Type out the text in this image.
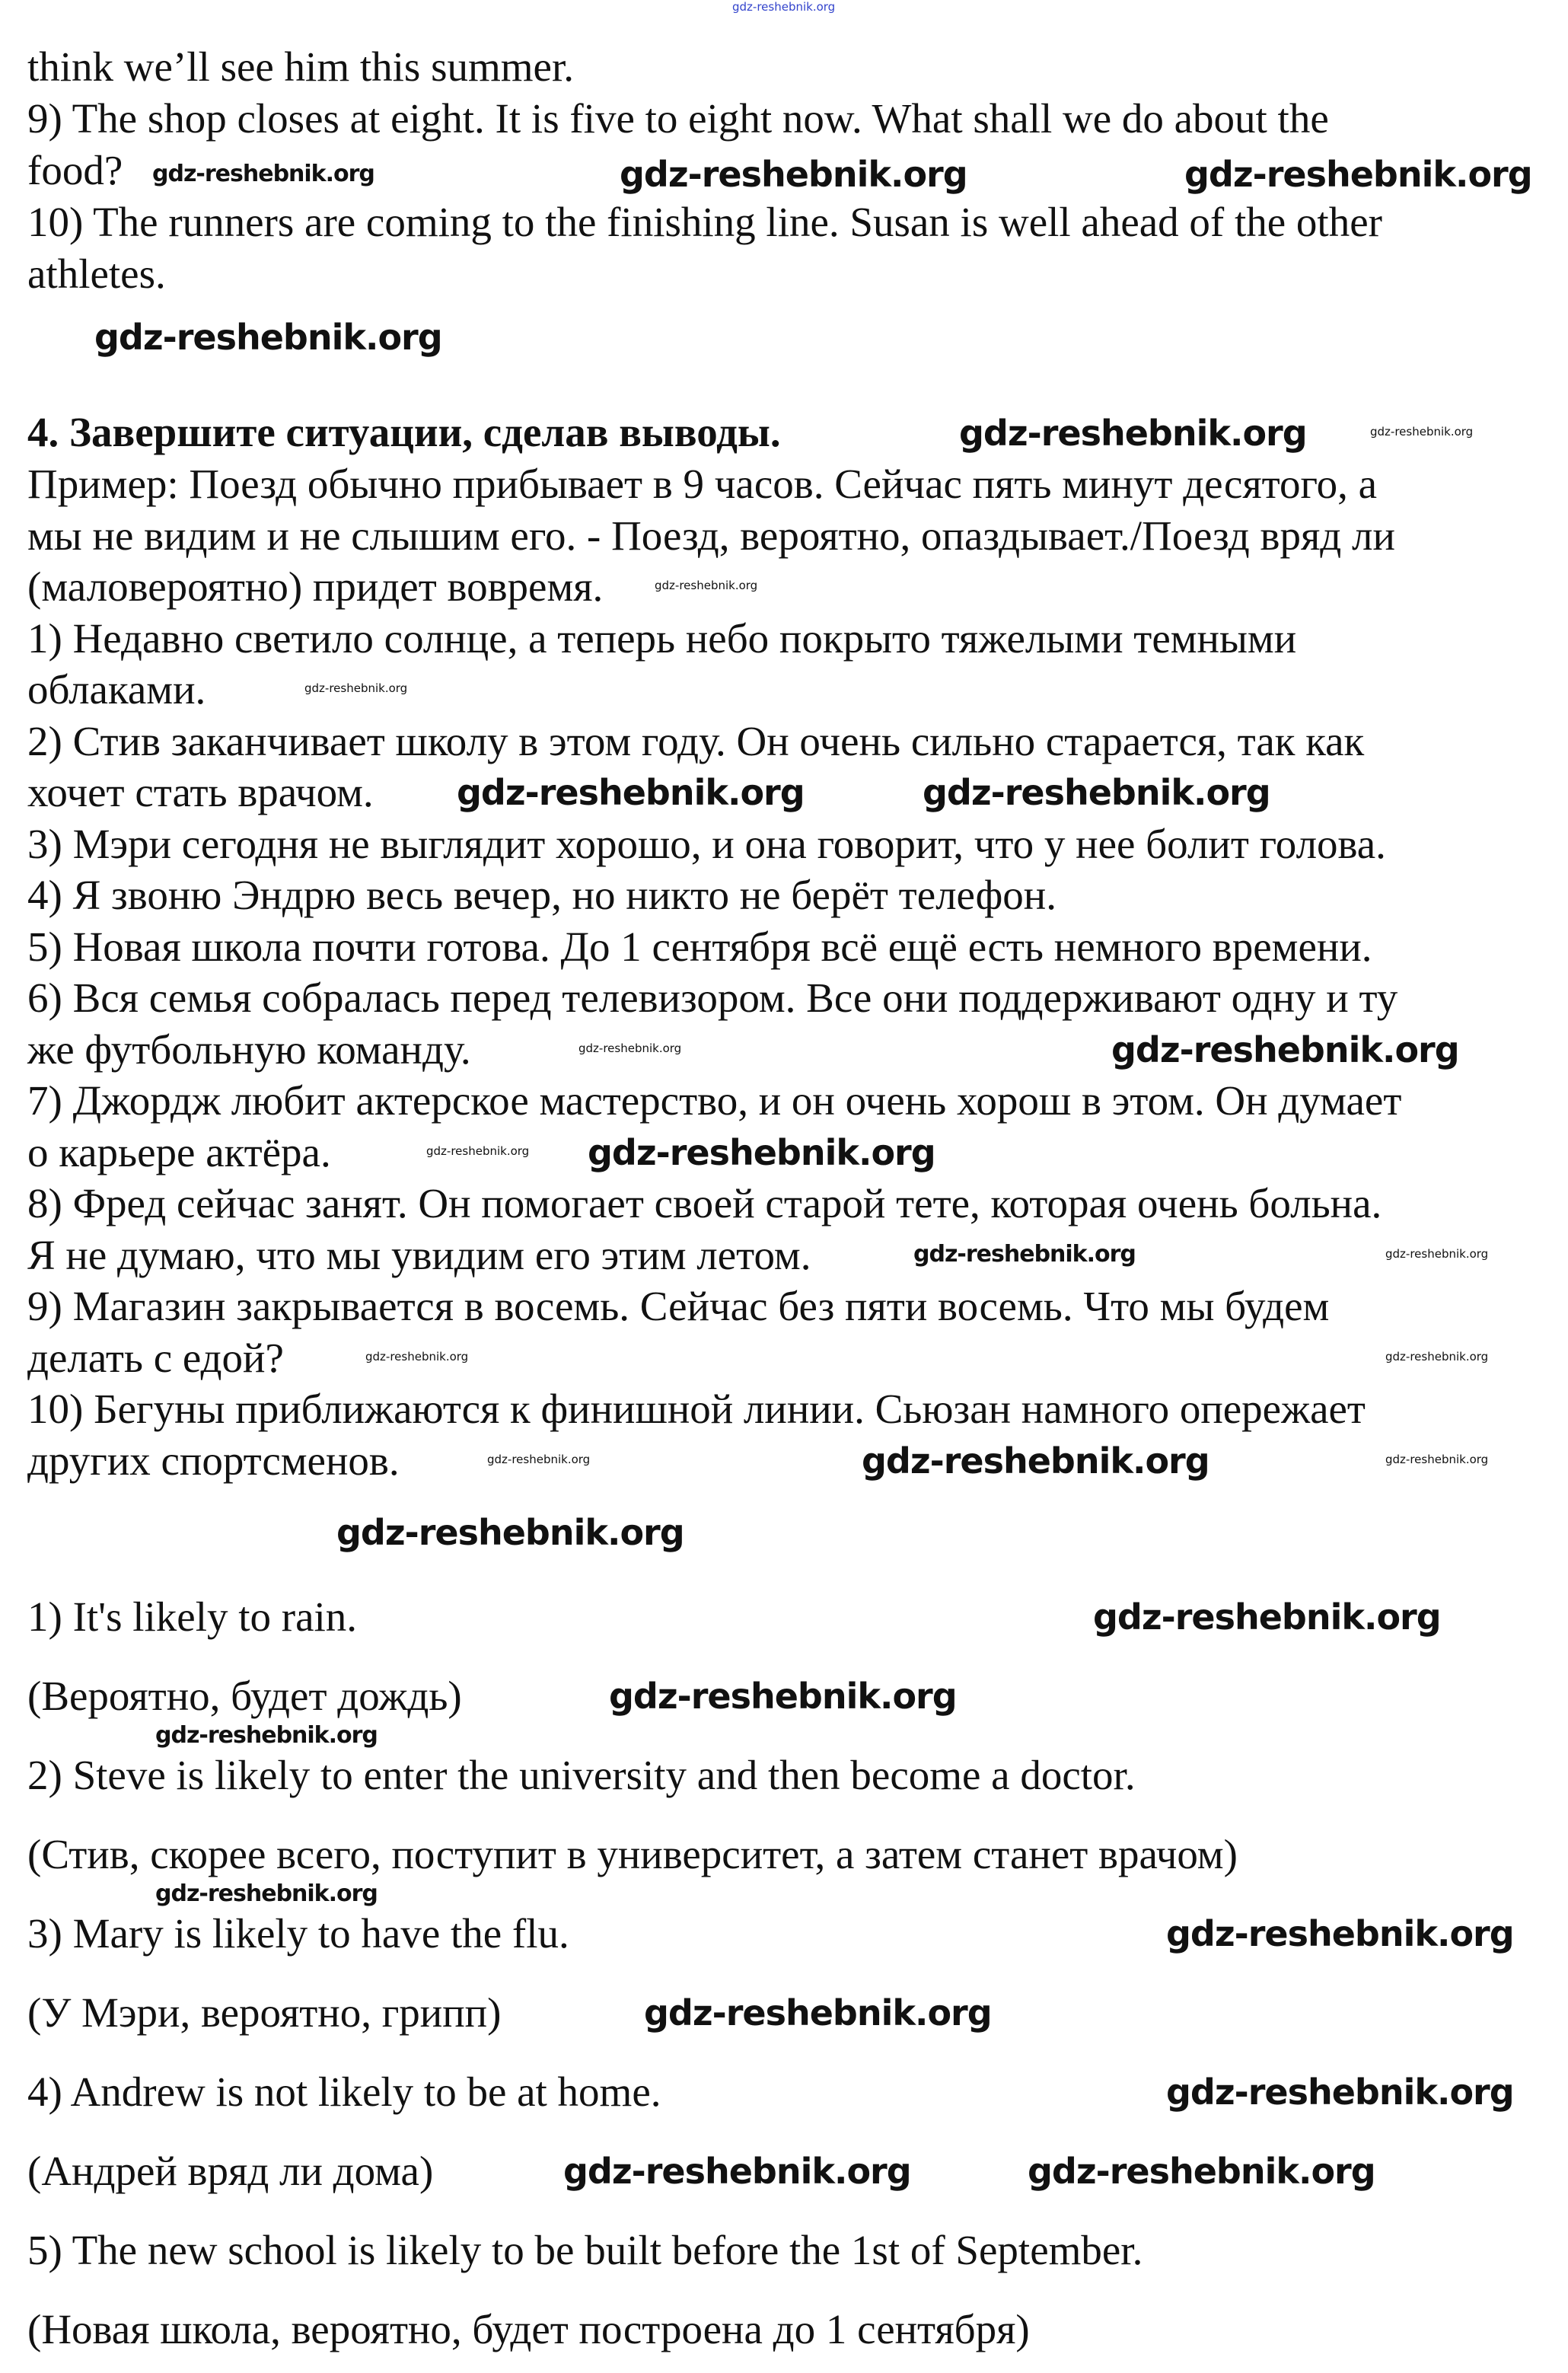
think we’ll see him this summer.
9) The shop closes at eight. It is five to eight now. What shall we do about the
food?
10) The runners are coming to the finishing line. Susan is well ahead of the other
athletes.
4. Завершите ситуации, сделав выводы.
Пример: Поезд обычно прибывает в 9 часов. Сейчас пять минут десятого, а
мы не видим и не слышим его. - Поезд, вероятно, опаздывает./Поезд вряд ли
(маловероятно) придет вовремя.
1) Недавно светило солнце, а теперь небо покрыто тяжелыми темными
облаками.
2) Стив заканчивает школу в этом году. Он очень сильно старается, так как
хочет стать врачом.
3) Мэри сегодня не выглядит хорошо, и она говорит, что у нее болит голова.
4) Я звоню Эндрю весь вечер, но никто не берёт телефон.
5) Новая школа почти готова. До 1 сентября всё ещё есть немного времени.
6) Вся семья собралась перед телевизором. Все они поддерживают одну и ту
же футбольную команду.
7) Джордж любит актерское мастерство, и он очень хорош в этом. Он думает
о карьере актёра.
8) Фред сейчас занят. Он помогает своей старой тете, которая очень больна.
Я не думаю, что мы увидим его этим летом.
9) Магазин закрывается в восемь. Сейчас без пяти восемь. Что мы будем
делать с едой?
10) Бегуны приближаются к финишной линии. Сьюзан намного опережает
других спортсменов.
1) It's likely to rain.
(Вероятно, будет дождь)
2) Steve is likely to enter the university and then become a doctor.
(Стив, скорее всего, поступит в университет, а затем станет врачом)
3) Mary is likely to have the flu.
(У Мэри, вероятно, грипп)
4) Andrew is not likely to be at home.
(Андрей вряд ли дома)
5) The new school is likely to be built before the 1st of September.
(Новая школа, вероятно, будет построена до 1 сентября)
gdz-reshebnik.org
gdz-reshebnik.org	gdz-reshebnik.org
gdz-reshebnik.org
gdz-reshebnik.org
gdz-reshebnik.org	gdz-reshebnik.org
gdz-reshebnik.org
gdz-reshebnik.org
gdz-reshebnik.org	gdz-reshebnik.org
gdz-reshebnik.org	gdz-reshebnik.org
gdz-reshebnik.org gdz-reshebnik.org
gdz-reshebnik.org	gdz-reshebnik.org
gdz-reshebnik.org	gdz-reshebnik.org
gdz-reshebnik.org	gdz-reshebnik.org	gdz-reshebnik.org
gdz-reshebnik.org
gdz-reshebnik.org
gdz-reshebnik.org
gdz-reshebnik.org
gdz-reshebnik.org
gdz-reshebnik.org
gdz-reshebnik.org
gdz-reshebnik.org
gdz-reshebnik.org	gdz-reshebnik.org
